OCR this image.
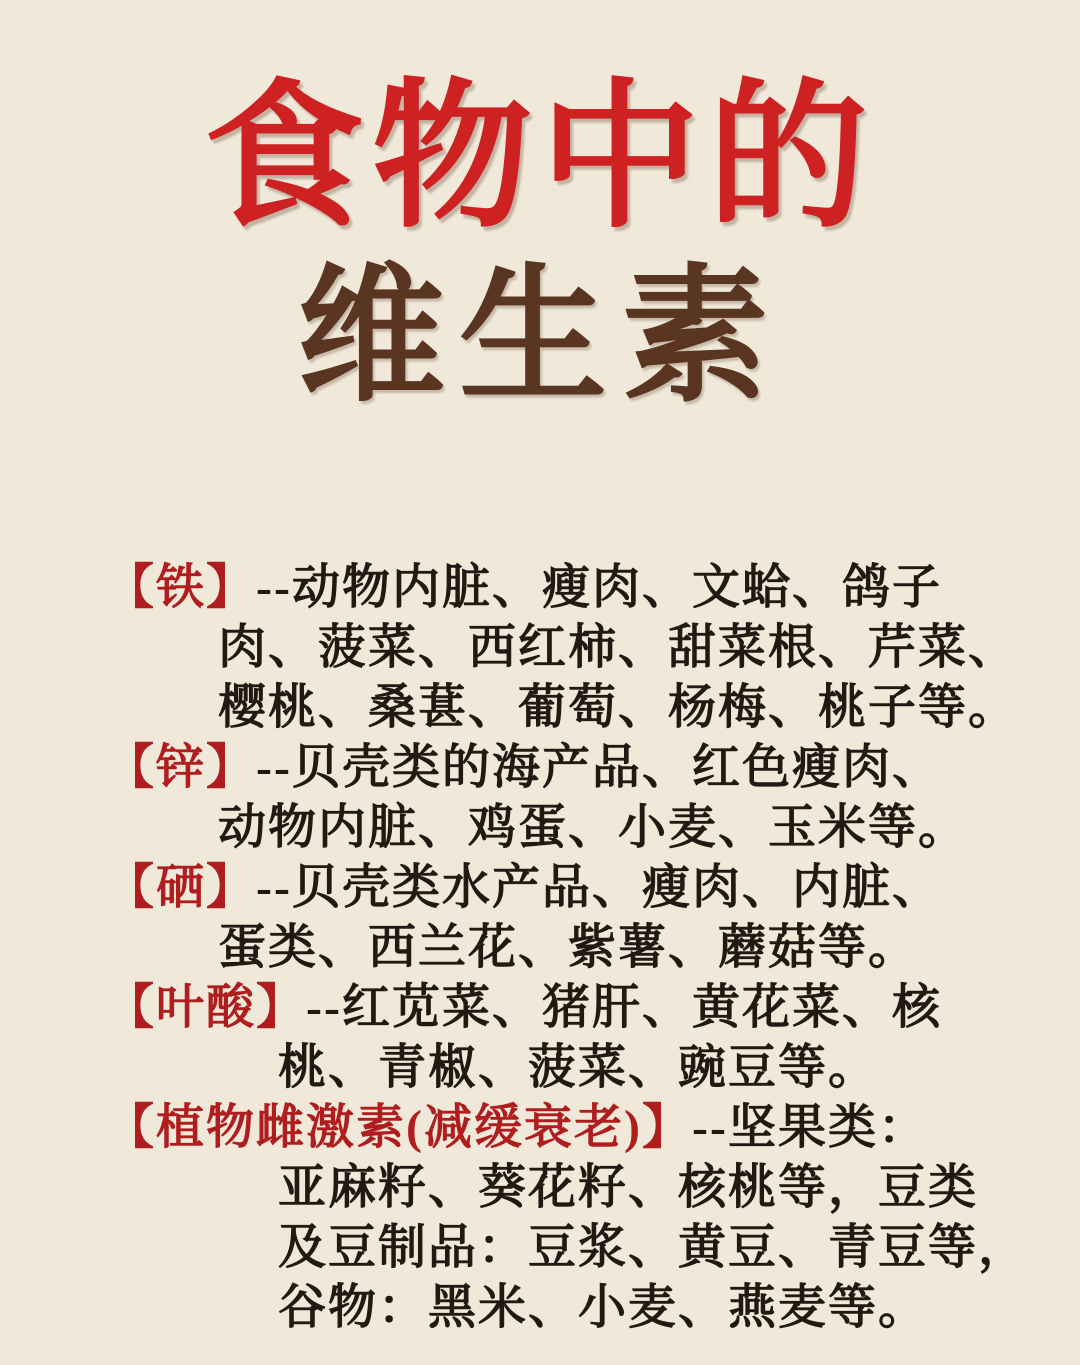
食物中的
维生素
【铁】--动物内脏、瘦肉、文蛤、鸽子
肉、菠菜、西红柿、甜菜根、芹菜、
樱桃、桑葚、葡萄、杨梅、桃子等。
【锌】--贝壳类的海产品、红色瘦肉、
动物内脏、鸡蛋、小麦、玉米等。
【硒】--贝壳类水产品、瘦肉、内脏、
蛋类、西兰花、紫薯、蘑菇等。
【叶酸】--红苋菜、猪肝、黄花菜、核
桃、青椒、菠菜、豌豆等。
【植物雌激素(减缓衰老)】--坚果类：
亚麻籽、葵花籽、核桃等，豆类
及豆制品：豆浆、黄豆、青豆等，
谷物：黑米、小麦、燕麦等。
